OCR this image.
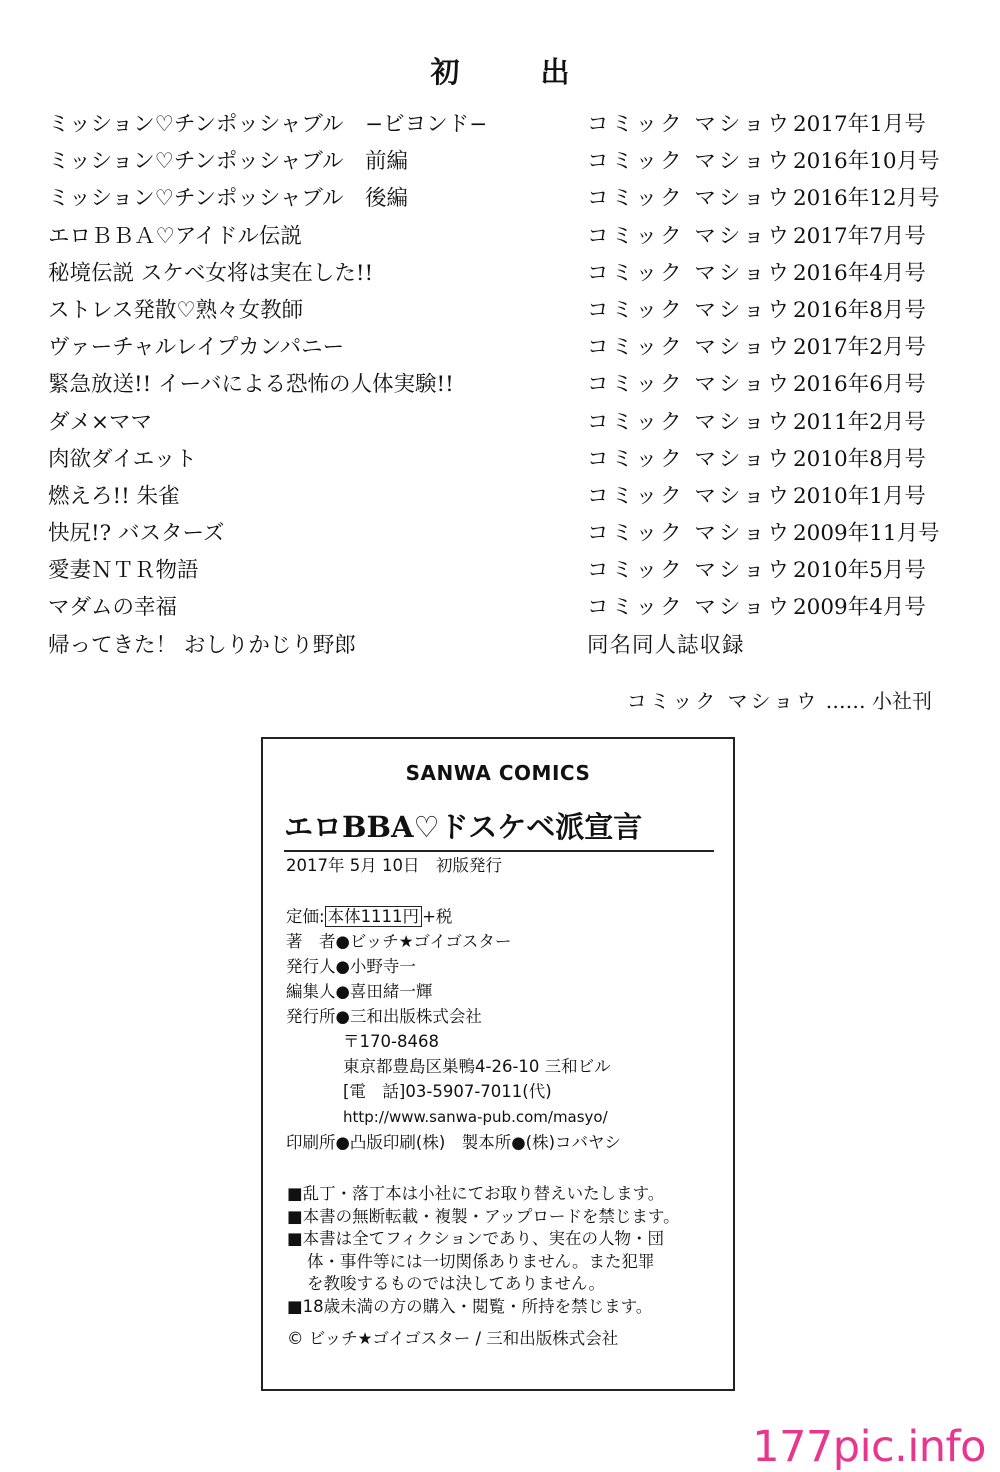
初　出
ミッション♡チンポッシャブル　−ビヨンド−	コミック マショウ 2017年1月号
ミッション♡チンポッシャブル　前編	コミック マショウ 2016年10月号
ミッション♡チンポッシャブル　後編	コミック マショウ 2016年12月号
エロＢＢＡ♡アイドル伝説	コミック マショウ 2017年7月号
秘境伝説 スケベ女将は実在した!!	コミック マショウ 2016年4月号
ストレス発散♡熟々女教師	コミック マショウ 2016年8月号
ヴァーチャルレイプカンパニー	コミック マショウ 2017年2月号
緊急放送!! イーバによる恐怖の人体実験!!	コミック マショウ 2016年6月号
ダメ×ママ	コミック マショウ 2011年2月号
肉欲ダイエット	コミック マショウ 2010年8月号
燃えろ!! 朱雀	コミック マショウ 2010年1月号
快尻!? バスターズ	コミック マショウ 2009年11月号
愛妻ＮＴＲ物語	コミック マショウ 2010年5月号
マダムの幸福	コミック マショウ 2009年4月号
帰ってきた！ おしりかじり野郎	同名同人誌収録
コミック マショウ …… 小社刊
SANWA COMICS
エロBBA♡ドスケベ派宣言
2017年 5月 10日　初版発行
定価: 本体1111円 +税
著　者●ビッチ★ゴイゴスター
発行人●小野寺一
編集人●喜田緒一輝
発行所●三和出版株式会社
〒170-8468
東京都豊島区巣鴨4-26-10 三和ビル
[電　話]03-5907-7011(代)
http://www.sanwa-pub.com/masyo/
印刷所●凸版印刷(株)　製本所●(株)コバヤシ
■乱丁・落丁本は小社にてお取り替えいたします。
■本書の無断転載・複製・アップロードを禁じます。
■本書は全てフィクションであり、実在の人物・団
体・事件等には一切関係ありません。また犯罪
を教唆するものでは決してありません。
■18歳未満の方の購入・閲覧・所持を禁じます。
© ビッチ★ゴイゴスター / 三和出版株式会社
177pic.info
